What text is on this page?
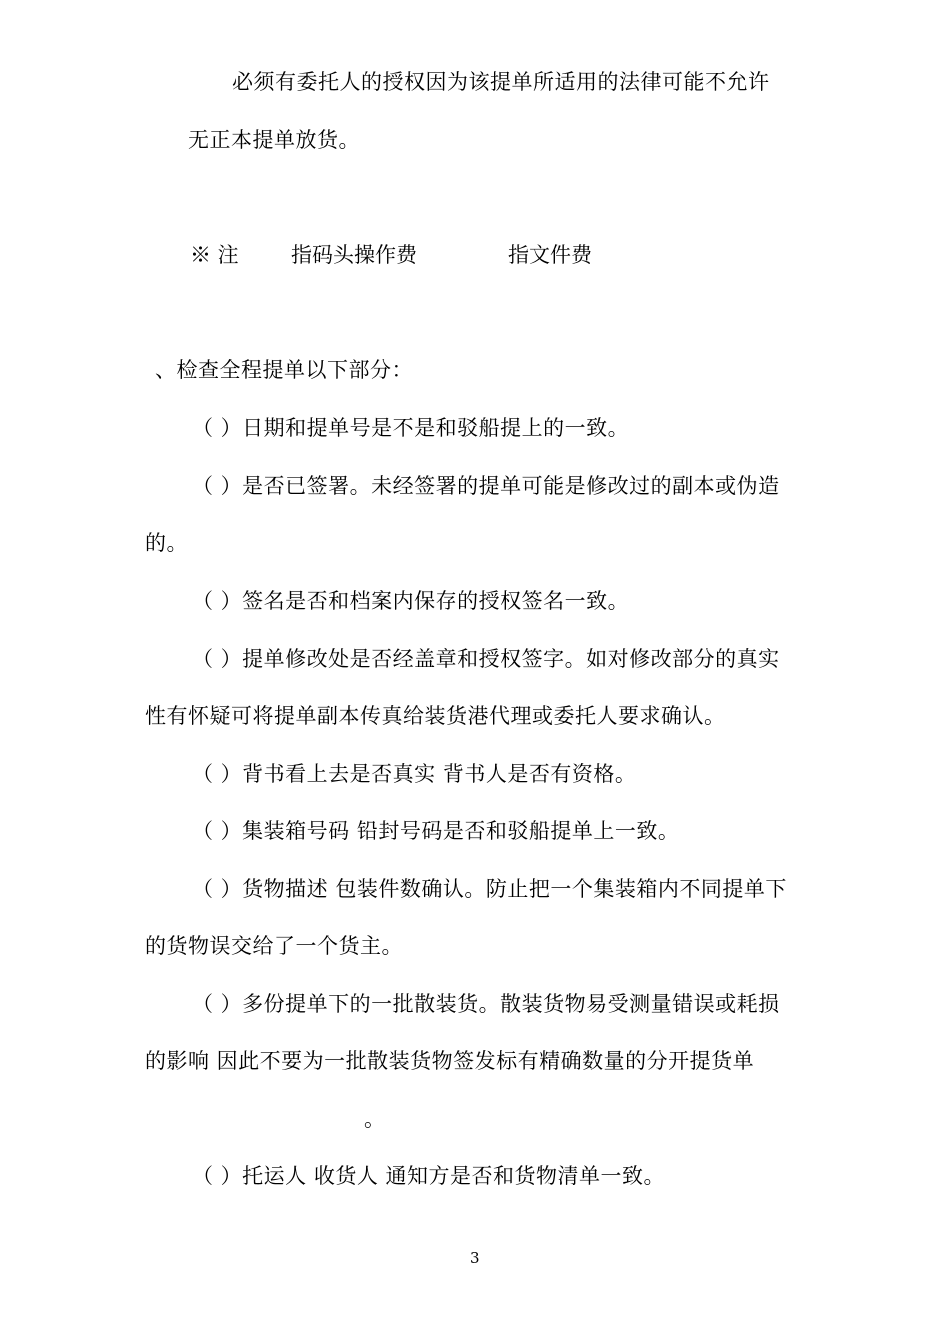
必须有委托人的授权因为该提单所适用的法律可能不允许
无正本提单放货。
※ 注 指码头操作费	指文件费
、检查全程提单以下部分：
（ ）日期和提单号是不是和驳船提上的一致。
（ ）是否已签署。未经签署的提单可能是修改过的副本或伪造
的。
（ ）签名是否和档案内保存的授权签名一致。
（ ）提单修改处是否经盖章和授权签字。如对修改部分的真实
性有怀疑可将提单副本传真给装货港代理或委托人要求确认。
（ ）背书看上去是否真实 背书人是否有资格。
（ ）集装箱号码 铅封号码是否和驳船提单上一致。
（ ）货物描述 包装件数确认。防止把一个集装箱内不同提单下
的货物误交给了一个货主。
（ ）多份提单下的一批散装货。散装货物易受测量错误或耗损
的影响 因此不要为一批散装货物签发标有精确数量的分开提货单
。
（ ）托运人 收货人 通知方是否和货物清单一致。
3
